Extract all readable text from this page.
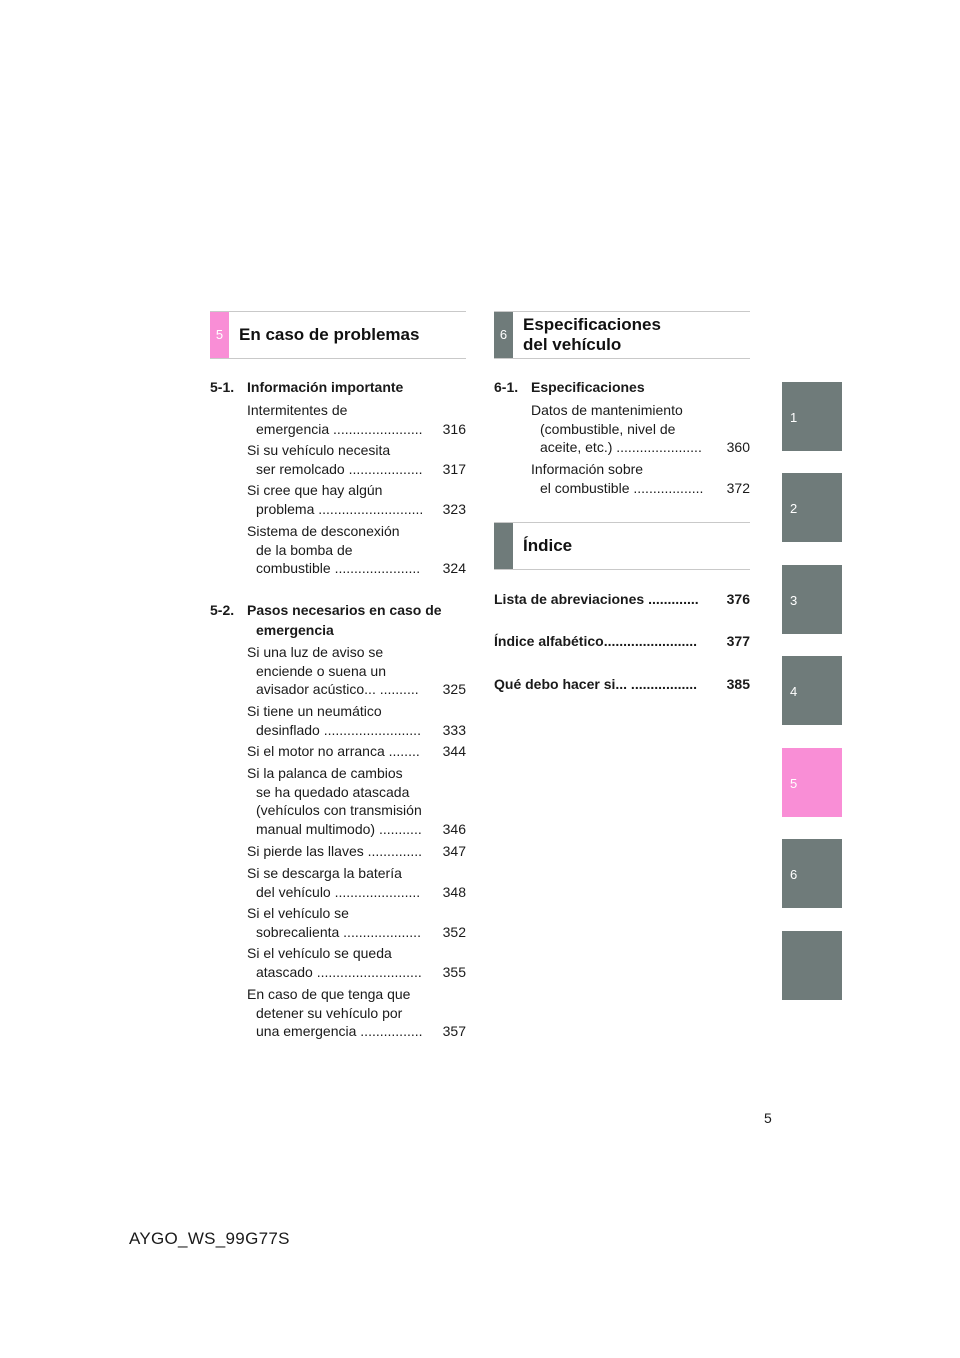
5 En caso de problemas
5-1. Información importante
Intermitentes de
emergencia .......................	316
Si su vehículo necesita
ser remolcado ...................	317
Si cree que hay algún
problema ...........................	323
Sistema de desconexión
de la bomba de
combustible ......................	324
5-2. Pasos necesarios en caso de
emergencia
Si una luz de aviso se
enciende o suena un
avisador acústico... ..........	325
Si tiene un neumático
desinflado .........................	333
Si el motor no arranca ........	344
Si la palanca de cambios
se ha quedado atascada
(vehículos con transmisión
manual multimodo) ...........	346
Si pierde las llaves ..............	347
Si se descarga la batería
del vehículo ......................	348
Si el vehículo se
sobrecalienta ....................	352
Si el vehículo se queda
atascado ...........................	355
En caso de que tenga que
detener su vehículo por
una emergencia ................	357
6
Especificaciones
del vehículo
6-1. Especificaciones
Datos de mantenimiento
(combustible, nivel de
aceite, etc.) ......................	360
Información sobre
el combustible ..................	372
Índice
Lista de abreviaciones ............. 376
Índice alfabético........................ 377
Qué debo hacer si... ................. 385
1
2
3
4
5
6
5
AYGO_WS_99G77S
